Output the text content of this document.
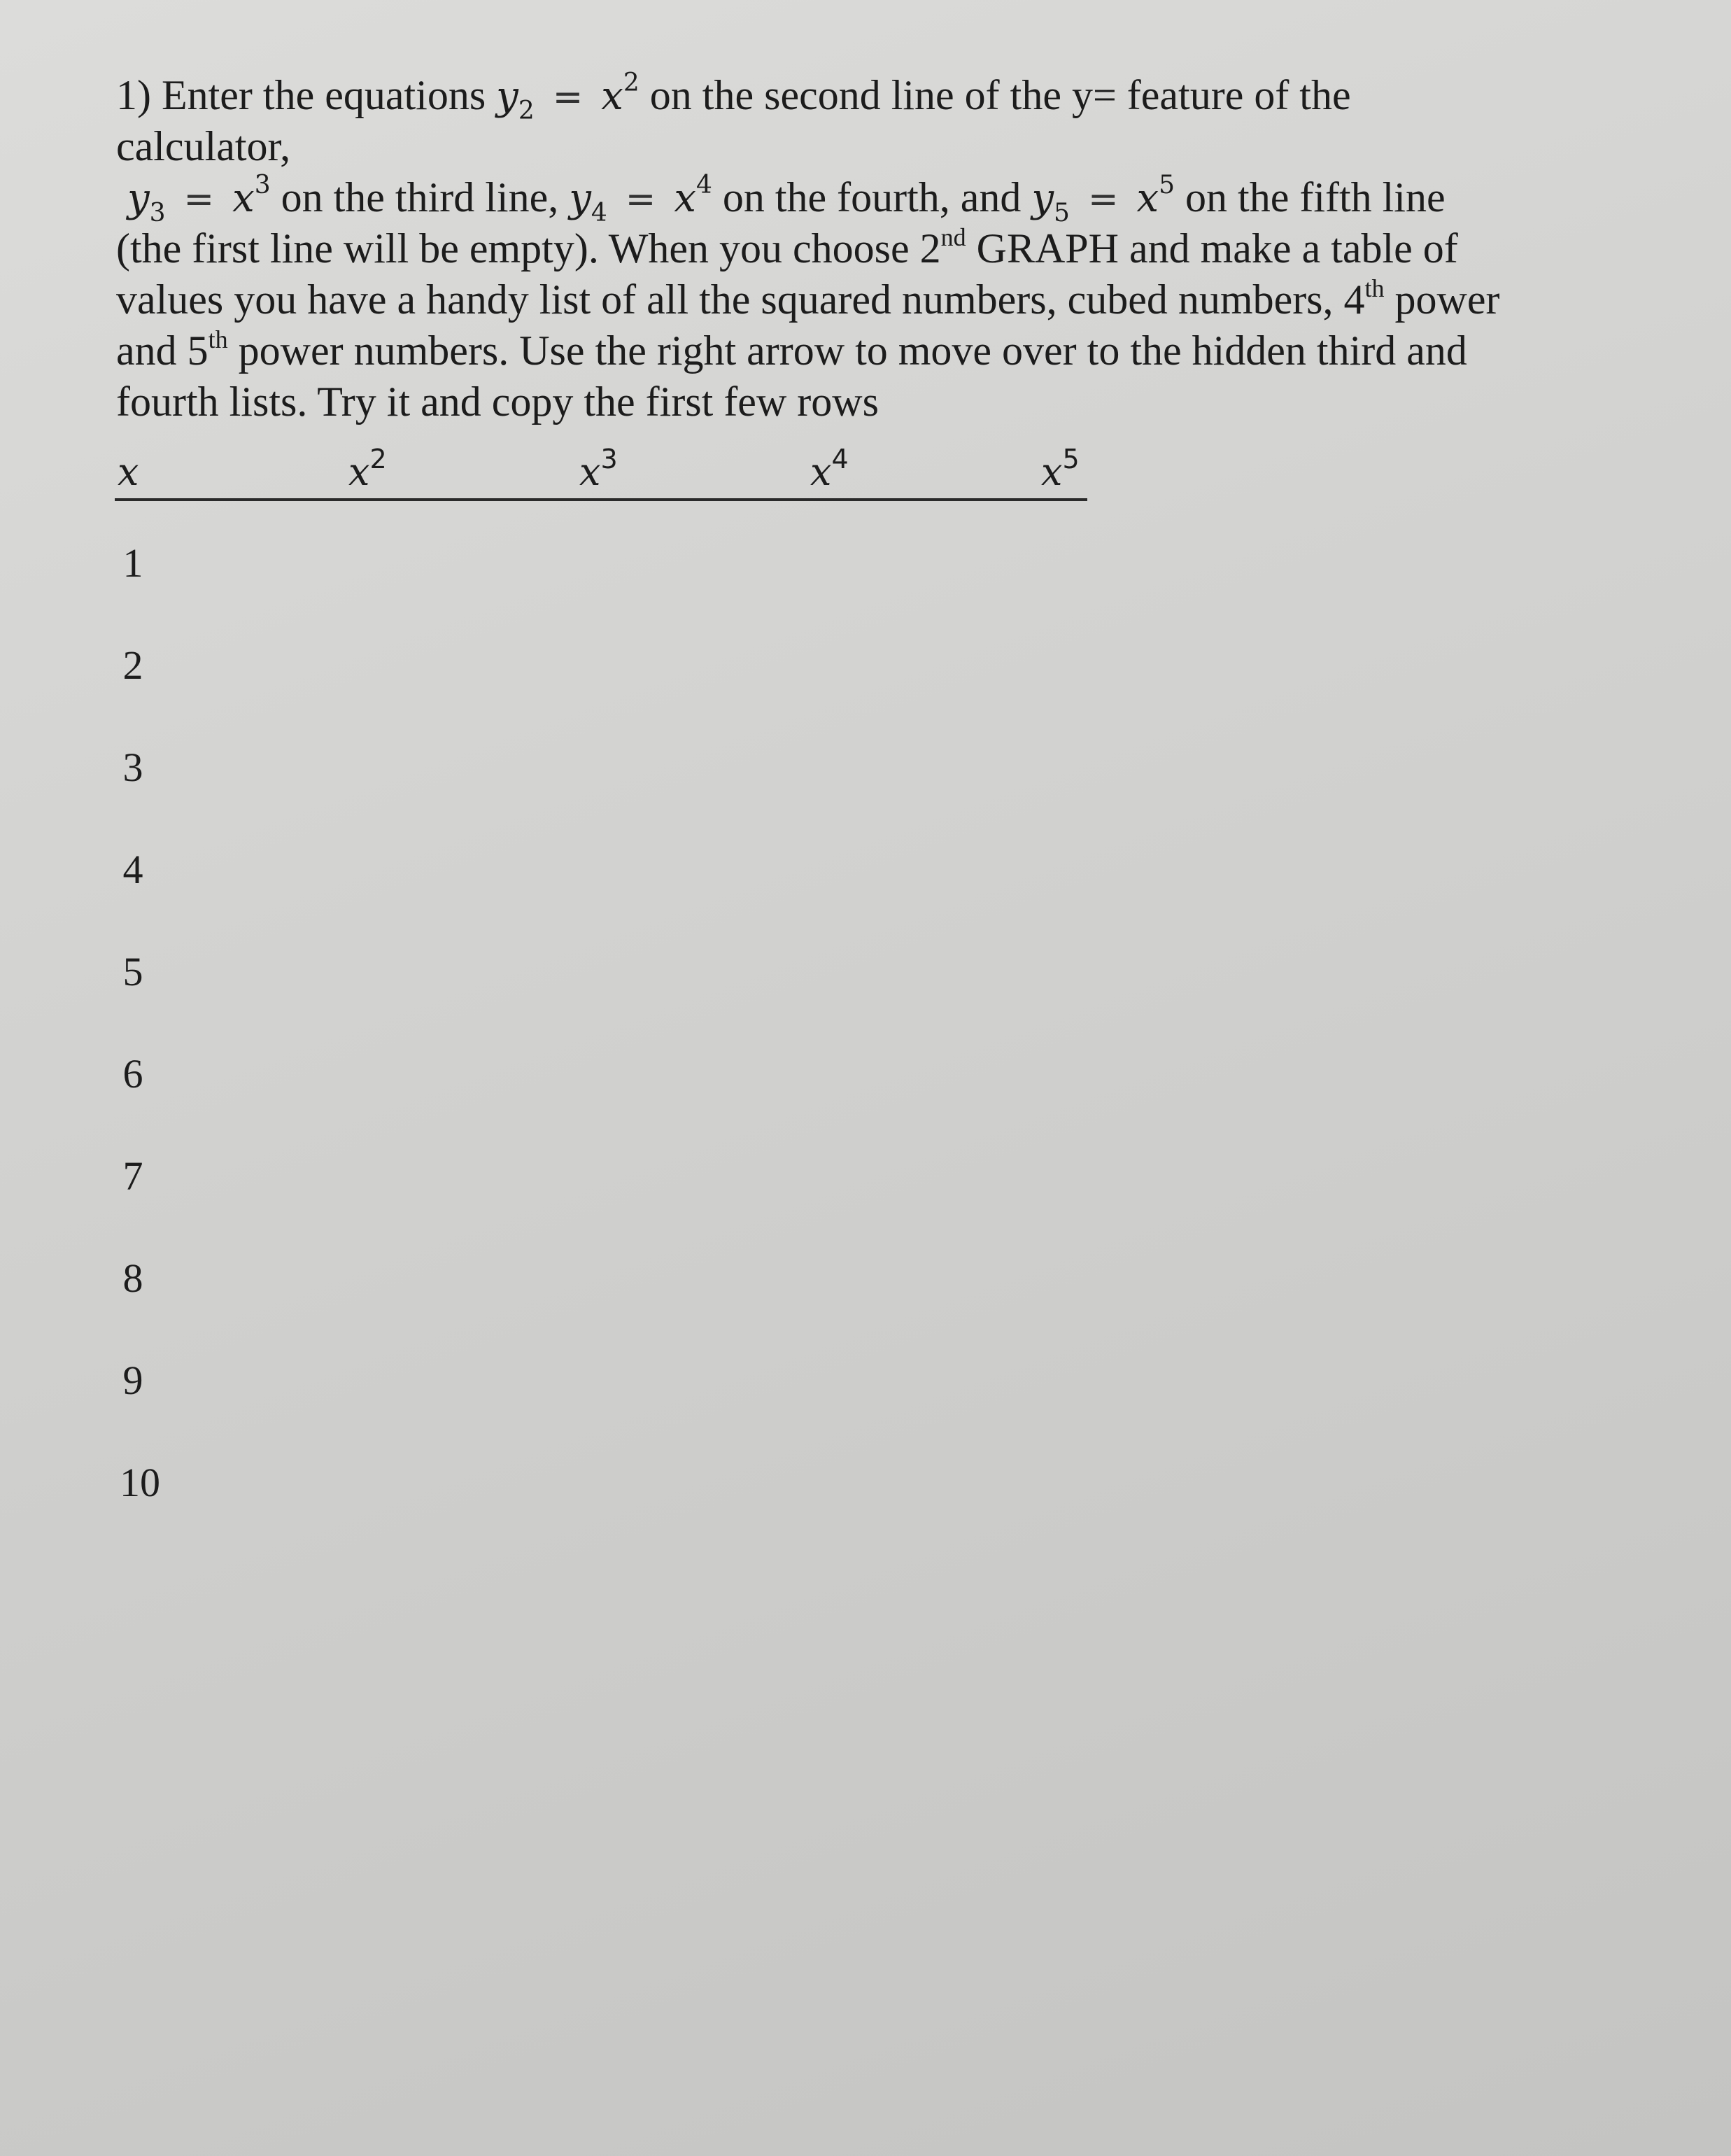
1) Enter the equations $y_2 = x^2$ on the second line of the y= feature of the
calculator,
$y_3 = x^3$ on the third line, $y_4 = x^4$ on the fourth, and $y_5 = x^5$ on the fifth line
(the first line will be empty). When you choose 2nd GRAPH and make a table of
values you have a handy list of all the squared numbers, cubed numbers, 4th power
and 5th power numbers. Use the right arrow to move over to the hidden third and
fourth lists. Try it and copy the first few rows
x	$x^2$	$x^3$	$x^4$	$x^5$
1
2
3
4
5
6
7
8
9
10
